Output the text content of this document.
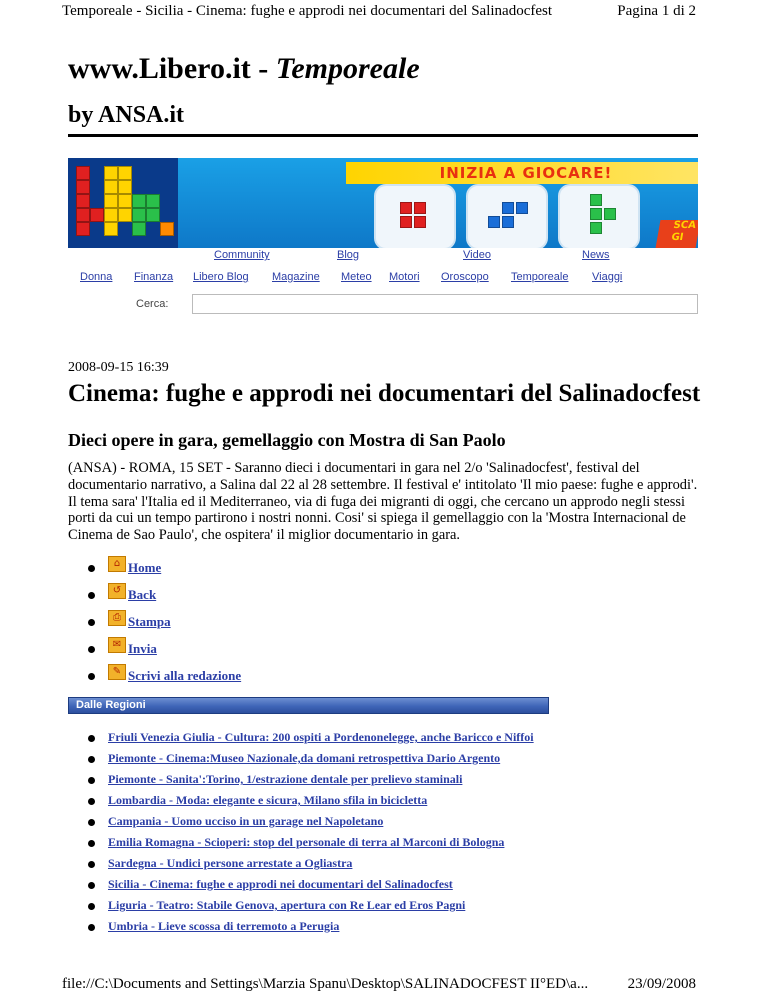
Temporeale - Sicilia - Cinema: fughe e approdi nei documentari del Salinadocfest	Pagina 1 di 2
www.Libero.it - Temporeale
by ANSA.it
INIZIA A GIOCARE!
SCA GI
Community	Blog	Video	News
Donna Finanza Libero Blog Magazine Meteo Motori Oroscopo Temporeale Viaggi
Cerca:
2008-09-15 16:39
Cinema: fughe e approdi nei documentari del Salinadocfest
Dieci opere in gara, gemellaggio con Mostra di San Paolo

(ANSA) - ROMA, 15 SET - Saranno dieci i documentari in gara nel 2/o 'Salinadocfest', festival del documentario narrativo, a Salina dal 22 al 28 settembre. Il festival e' intitolato 'Il mio paese: fughe e approdi'. Il tema sara' l'Italia ed il Mediterraneo, via di fuga dei migranti di oggi, che cercano un approdo negli stessi porti da cui un tempo partirono i nostri nonni. Cosi' si spiega il gemellaggio con la 'Mostra Internacional de Cinema de Sao Paulo', che ospitera' il miglior documentario in gara.

⌂ Home
↺ Back
⎙ Stampa
✉ Invia
✎ Scrivi alla redazione
Dalle Regioni
Friuli Venezia Giulia - Cultura: 200 ospiti a Pordenonelegge, anche Baricco e Niffoi
Piemonte - Cinema:Museo Nazionale,da domani retrospettiva Dario Argento
Piemonte - Sanita':Torino, 1/estrazione dentale per prelievo staminali
Lombardia - Moda: elegante e sicura, Milano sfila in bicicletta
Campania - Uomo ucciso in un garage nel Napoletano
Emilia Romagna - Scioperi: stop del personale di terra al Marconi di Bologna
Sardegna - Undici persone arrestate a Ogliastra
Sicilia - Cinema: fughe e approdi nei documentari del Salinadocfest
Liguria - Teatro: Stabile Genova, apertura con Re Lear ed Eros Pagni
Umbria - Lieve scossa di terremoto a Perugia
file://C:\Documents and Settings\Marzia Spanu\Desktop\SALINADOCFEST II°ED\a...	23/09/2008
